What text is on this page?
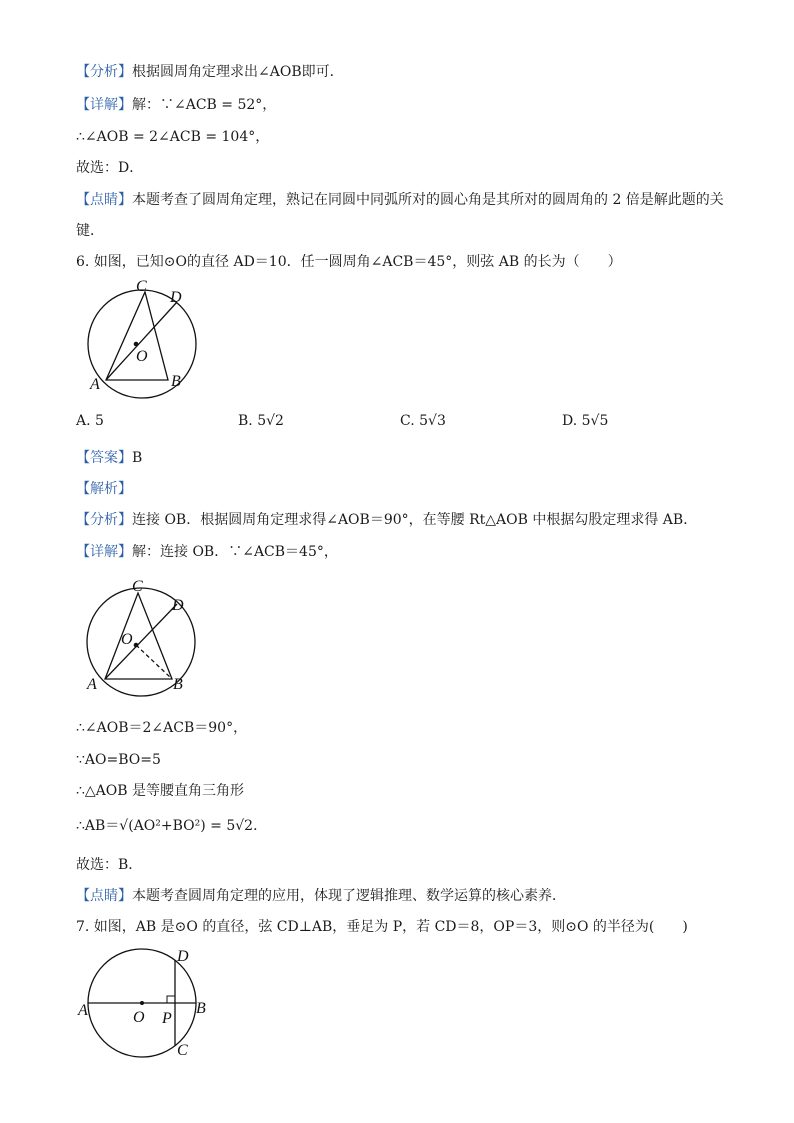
【分析】根据圆周角定理求出∠AOB即可．
【详解】解：∵∠ACB = 52°，
∴∠AOB = 2∠ACB = 104°，
故选：D．
【点睛】本题考查了圆周角定理，熟记在同圆中同弧所对的圆心角是其所对的圆周角的 2 倍是解此题的关
键．
6. 如图，已知⊙O的直径 AD＝10．任一圆周角∠ACB＝45°，则弦 AB 的长为（　　）
C
D
O
A	B
A. 5	B. 5√2	C. 5√3	D. 5√5
【答案】B
【解析】
【分析】连接 OB．根据圆周角定理求得∠AOB＝90°，在等腰 Rt△AOB 中根据勾股定理求得 AB．
【详解】解：连接 OB．∵∠ACB＝45°，
C
D
O
A	B
∴∠AOB＝2∠ACB＝90°，
∵AO=BO=5
∴△AOB 是等腰直角三角形
∴AB＝√(AO²+BO²) = 5√2．
故选：B．
【点睛】本题考查圆周角定理的应用，体现了逻辑推理、数学运算的核心素养．
7. 如图，AB 是⊙O 的直径，弦 CD⊥AB，垂足为 P，若 CD＝8，OP＝3，则⊙O 的半径为(　　)
D
A	O P
B
C
